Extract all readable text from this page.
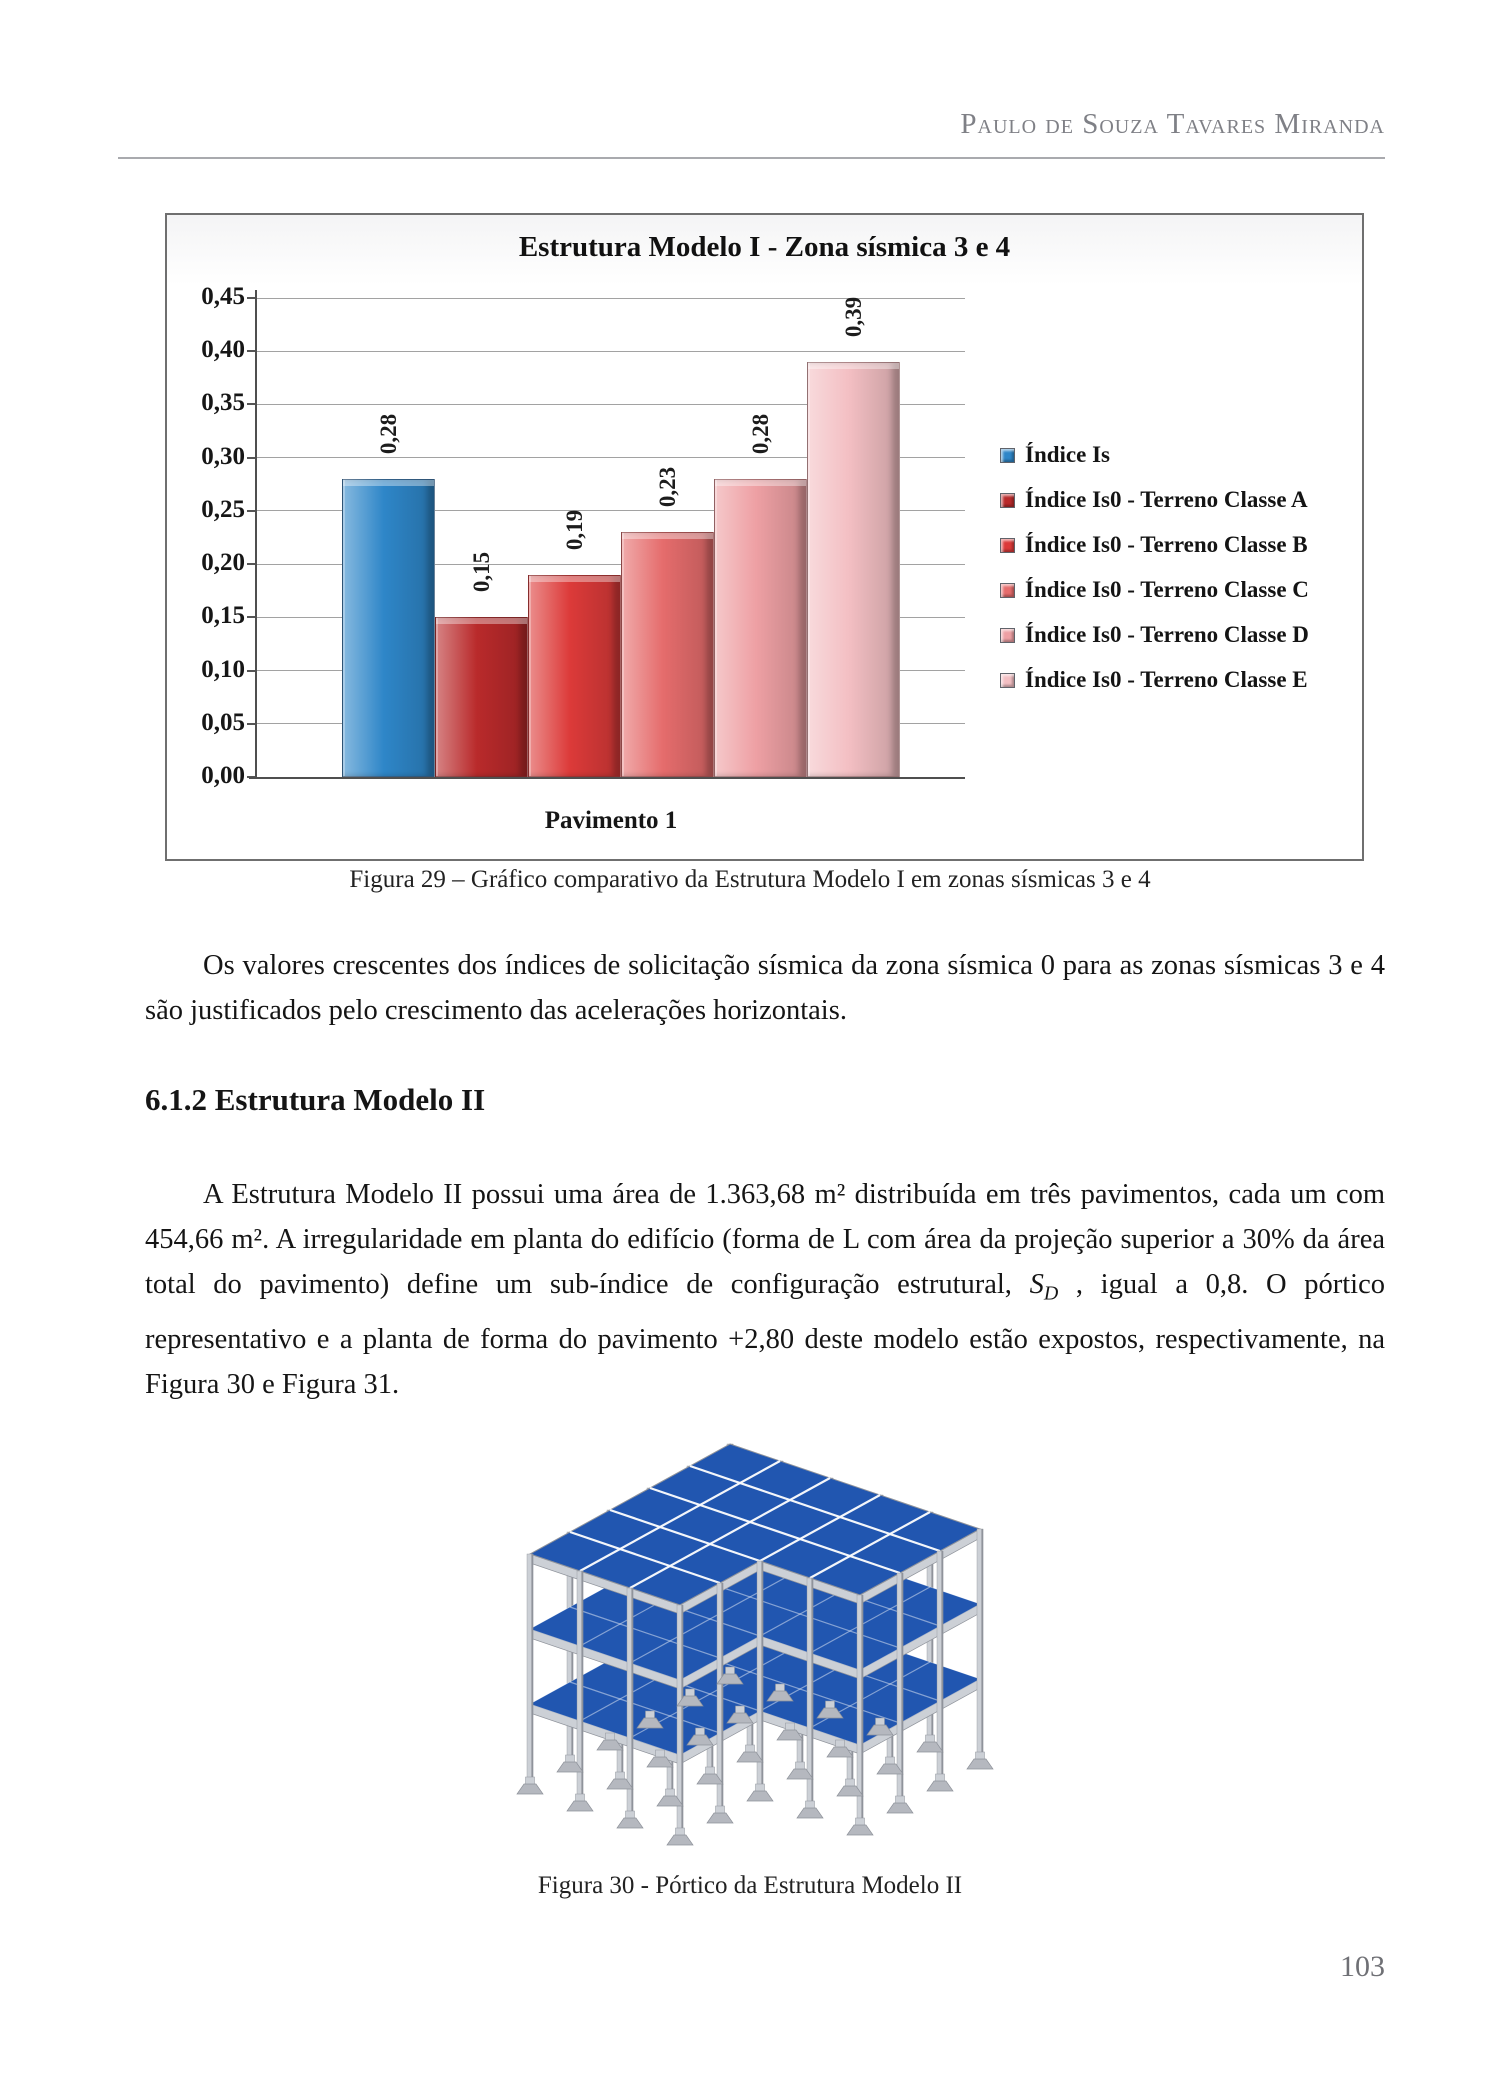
Paulo de Souza Tavares Miranda
Estrutura Modelo I - Zona sísmica 3 e 4
0,45
0,40
0,35
0,30
0,25
0,20
0,15
0,10
0,05
0,00
0,28
0,15
0,19
0,23
0,28
0,39
Pavimento 1
Índice Is
Índice Is0 - Terreno Classe A
Índice Is0 - Terreno Classe B
Índice Is0 - Terreno Classe C
Índice Is0 - Terreno Classe D
Índice Is0 - Terreno Classe E
Figura 29 – Gráfico comparativo da Estrutura Modelo I em zonas sísmicas 3 e 4

Os valores crescentes dos índices de solicitação sísmica da zona sísmica 0 para as zonas sísmicas 3 e 4 são justificados pelo crescimento das acelerações horizontais.

6.1.2 Estrutura Modelo II

A Estrutura Modelo II possui uma área de 1.363,68 m² distribuída em três pavimentos, cada um com 454,66 m². A irregularidade em planta do edifício (forma de L com área da projeção superior a 30% da área total do pavimento) define um sub-índice de configuração estrutural, $S_D$ , igual a 0,8. O pórtico representativo e a planta de forma do pavimento +2,80 deste modelo estão expostos, respectivamente, na Figura 30 e Figura 31.

Figura 30 - Pórtico da Estrutura Modelo II
103
